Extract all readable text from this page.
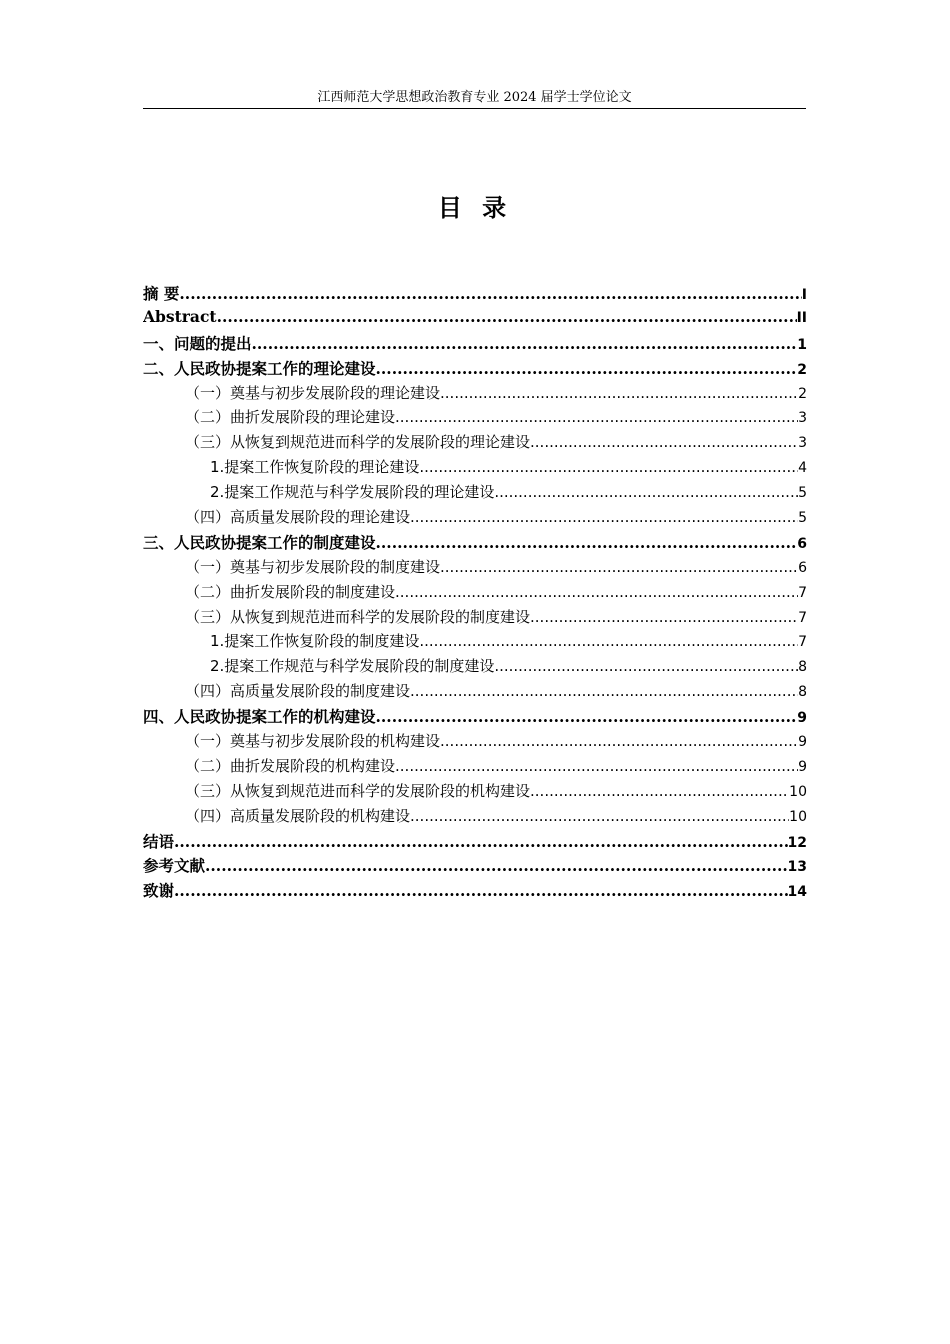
江西师范大学思想政治教育专业 2024 届学士学位论文
目 录
摘 要 .....	I
Abstract .....	II
一、问题的提出 .....	1
二、人民政协提案工作的理论建设 .....	2
（一）奠基与初步发展阶段的理论建设 .....	2
（二）曲折发展阶段的理论建设 .....	3
（三）从恢复到规范进而科学的发展阶段的理论建设 .....	3
1.提案工作恢复阶段的理论建设 .....	4
2.提案工作规范与科学发展阶段的理论建设 .....	5
（四）高质量发展阶段的理论建设 .....	5
三、人民政协提案工作的制度建设 .....	6
（一）奠基与初步发展阶段的制度建设 .....	6
（二）曲折发展阶段的制度建设 .....	7
（三）从恢复到规范进而科学的发展阶段的制度建设 .....	7
1.提案工作恢复阶段的制度建设 .....	7
2.提案工作规范与科学发展阶段的制度建设 .....	8
（四）高质量发展阶段的制度建设 .....	8
四、人民政协提案工作的机构建设 .....	9
（一）奠基与初步发展阶段的机构建设 .....	9
（二）曲折发展阶段的机构建设 .....	9
（三）从恢复到规范进而科学的发展阶段的机构建设 .....	10
（四）高质量发展阶段的机构建设 .....	10
结语 .....	12
参考文献 .....	13
致谢 .....	14
